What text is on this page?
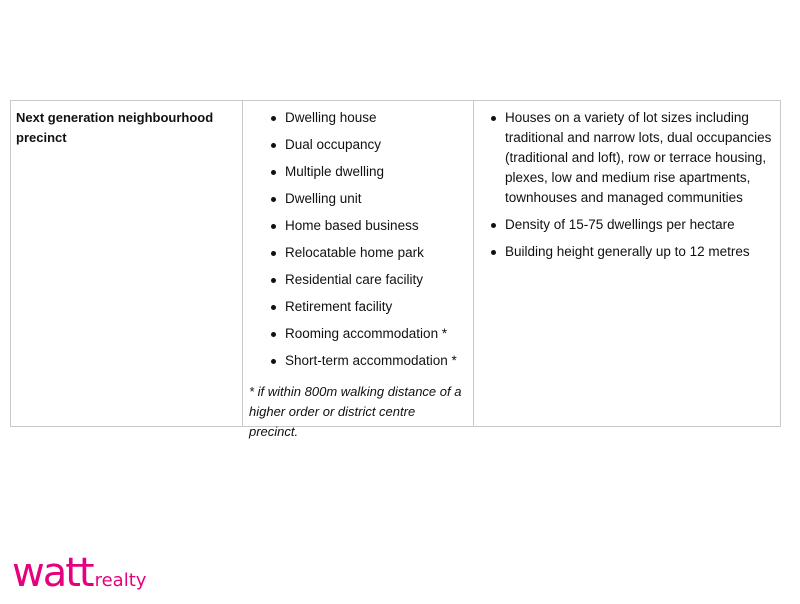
Next generation neighbourhood precinct

Dwelling house
Dual occupancy
Multiple dwelling
Dwelling unit
Home based business
Relocatable home park
Residential care facility
Retirement facility
Rooming accommodation *
Short-term accommodation *

* if within 800m walking distance of a higher order or district centre precinct.

Houses on a variety of lot sizes including traditional and narrow lots, dual occupancies (traditional and loft), row or terrace housing, plexes, low and medium rise apartments, townhouses and managed communities
Density of 15-75 dwellings per hectare
Building height generally up to 12 metres
watt realty
